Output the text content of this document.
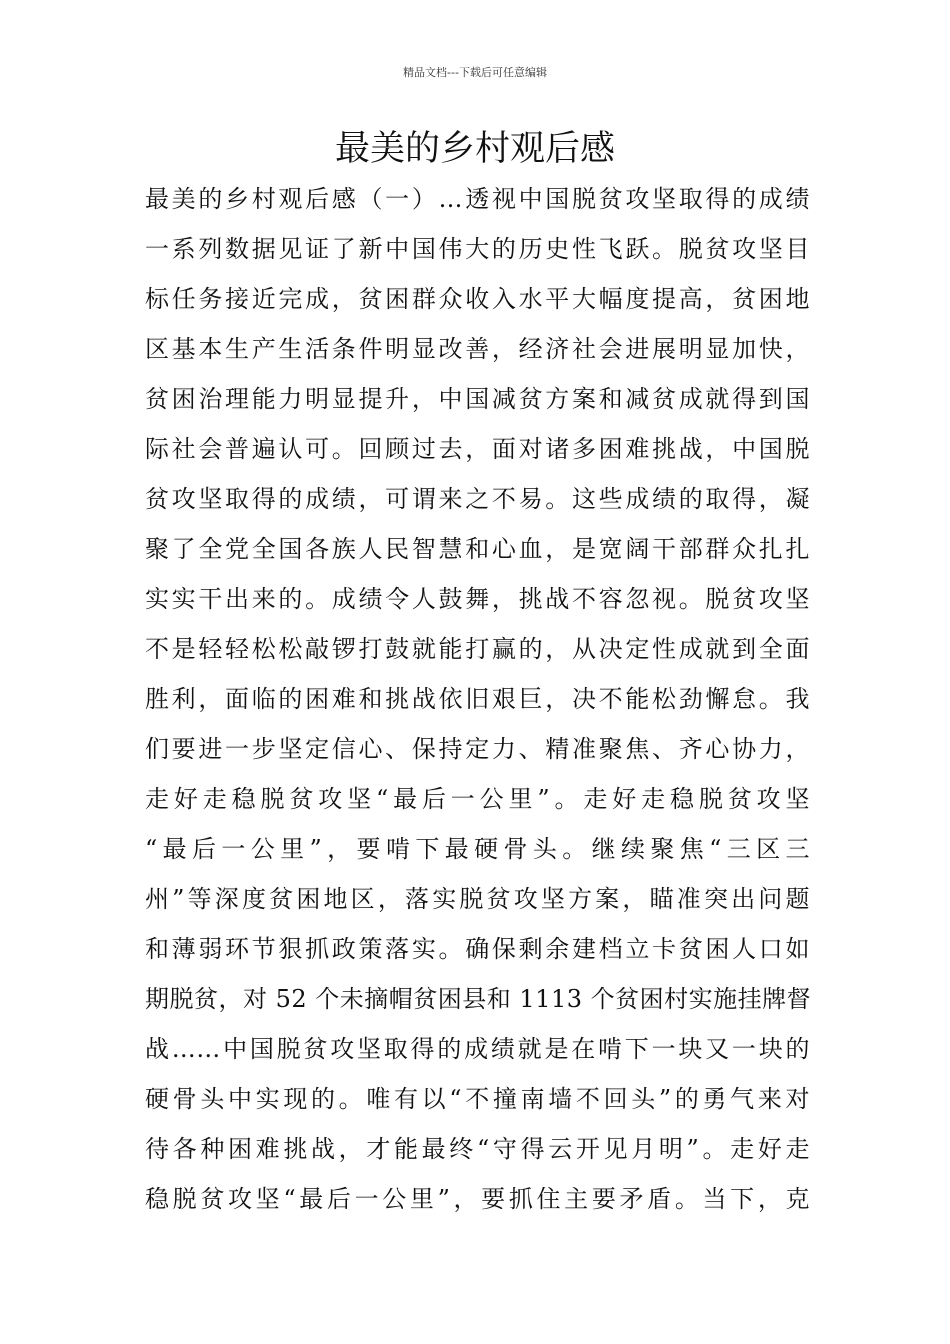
精品文档---下载后可任意编辑
最美的乡村观后感
最美的乡村观后感（一）…透视中国脱贫攻坚取得的成绩
一系列数据见证了新中国伟大的历史性飞跃。脱贫攻坚目
标任务接近完成，贫困群众收入水平大幅度提高，贫困地
区基本生产生活条件明显改善，经济社会进展明显加快，
贫困治理能力明显提升，中国减贫方案和减贫成就得到国
际社会普遍认可。回顾过去，面对诸多困难挑战，中国脱
贫攻坚取得的成绩，可谓来之不易。这些成绩的取得，凝
聚了全党全国各族人民智慧和心血，是宽阔干部群众扎扎
实实干出来的。成绩令人鼓舞，挑战不容忽视。脱贫攻坚
不是轻轻松松敲锣打鼓就能打赢的，从决定性成就到全面
胜利，面临的困难和挑战依旧艰巨，决不能松劲懈怠。我
们要进一步坚定信心、保持定力、精准聚焦、齐心协力，
走好走稳脱贫攻坚“最后一公里”。走好走稳脱贫攻坚
“最后一公里”，要啃下最硬骨头。继续聚焦“三区三
州”等深度贫困地区，落实脱贫攻坚方案，瞄准突出问题
和薄弱环节狠抓政策落实。确保剩余建档立卡贫困人口如
期脱贫，对 52 个未摘帽贫困县和 1113 个贫困村实施挂牌督
战……中国脱贫攻坚取得的成绩就是在啃下一块又一块的
硬骨头中实现的。唯有以“不撞南墙不回头”的勇气来对
待各种困难挑战，才能最终“守得云开见月明”。走好走
稳脱贫攻坚“最后一公里”，要抓住主要矛盾。当下，克
